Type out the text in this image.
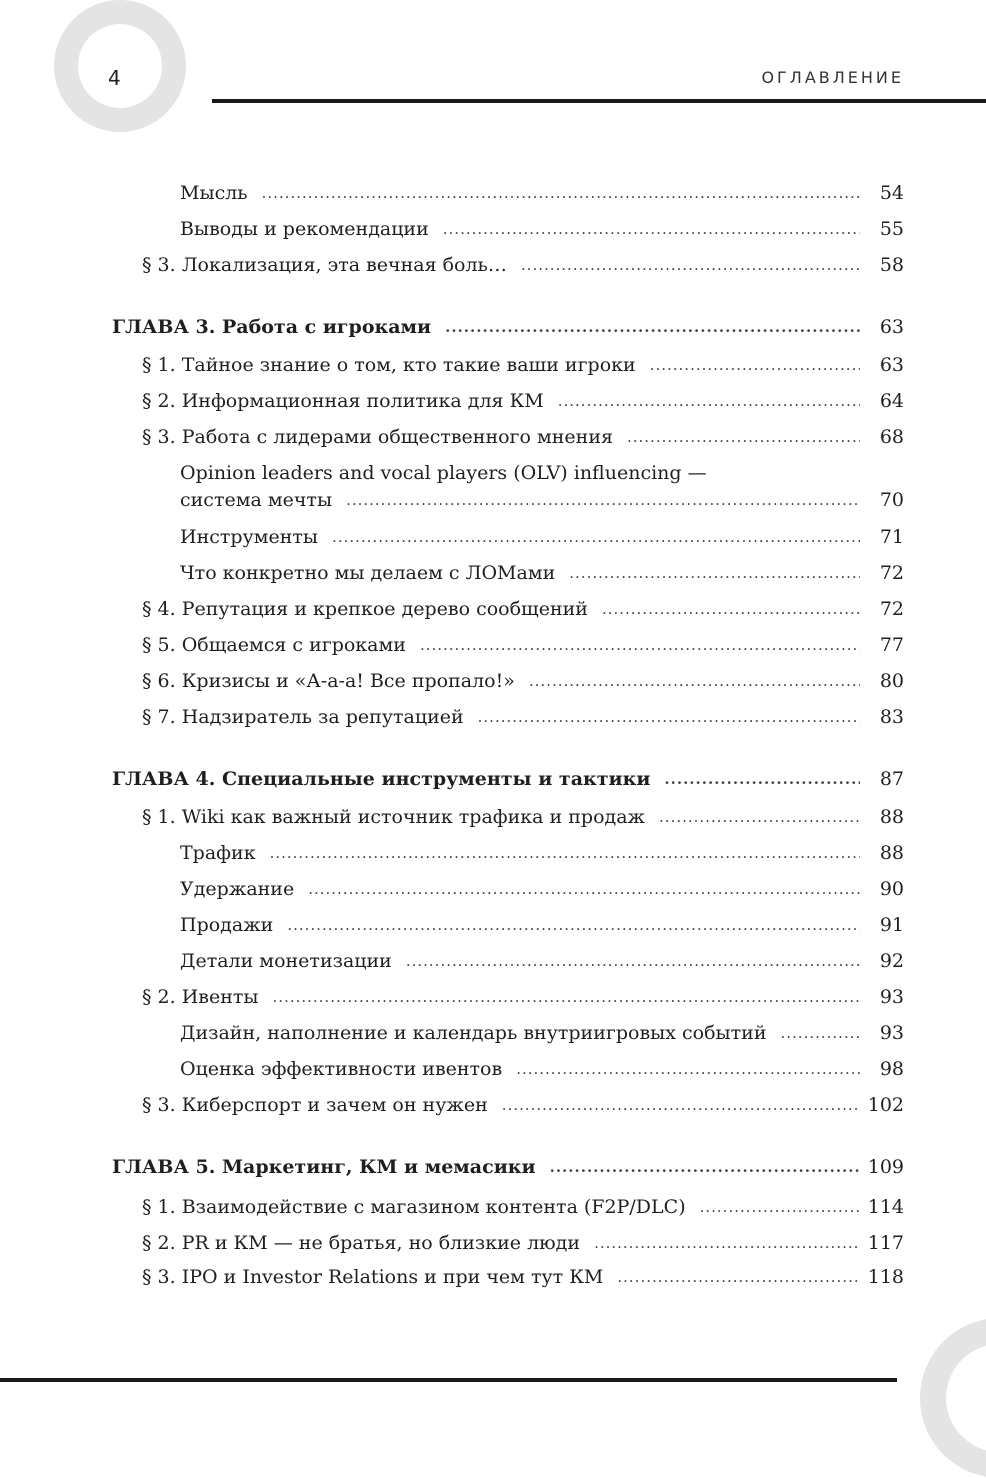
4	ОГЛАВЛЕНИЕ
Мысль .....	54
Выводы и рекомендации .....	55
§ 3. Локализация, эта вечная боль… .....	58
ГЛАВА 3. Работа с игроками .....	63
§ 1. Тайное знание о том, кто такие ваши игроки .....	63
§ 2. Информационная политика для КМ .....	64
§ 3. Работа с лидерами общественного мнения .....	68
Opinion leaders and vocal players (OLV) influencing —
система мечты .....	70
Инструменты .....	71
Что конкретно мы делаем с ЛОМами .....	72
§ 4. Репутация и крепкое дерево сообщений .....	72
§ 5. Общаемся с игроками .....	77
§ 6. Кризисы и «А-а-а! Все пропало!» .....	80
§ 7. Надзиратель за репутацией .....	83
ГЛАВА 4. Специальные инструменты и тактики .....	87
§ 1. Wiki как важный источник трафика и продаж .....	88
Трафик .....	88
Удержание .....	90
Продажи .....	91
Детали монетизации .....	92
§ 2. Ивенты .....	93
Дизайн, наполнение и календарь внутриигровых событий .....	93
Оценка эффективности ивентов .....	98
§ 3. Киберспорт и зачем он нужен .....	102
ГЛАВА 5. Маркетинг, КМ и мемасики .....	109
§ 1. Взаимодействие с магазином контента (F2P/DLC) .....	114
§ 2. PR и КМ — не братья, но близкие люди .....	117
§ 3. IPO и Investor Relations и при чем тут КМ .....	118
